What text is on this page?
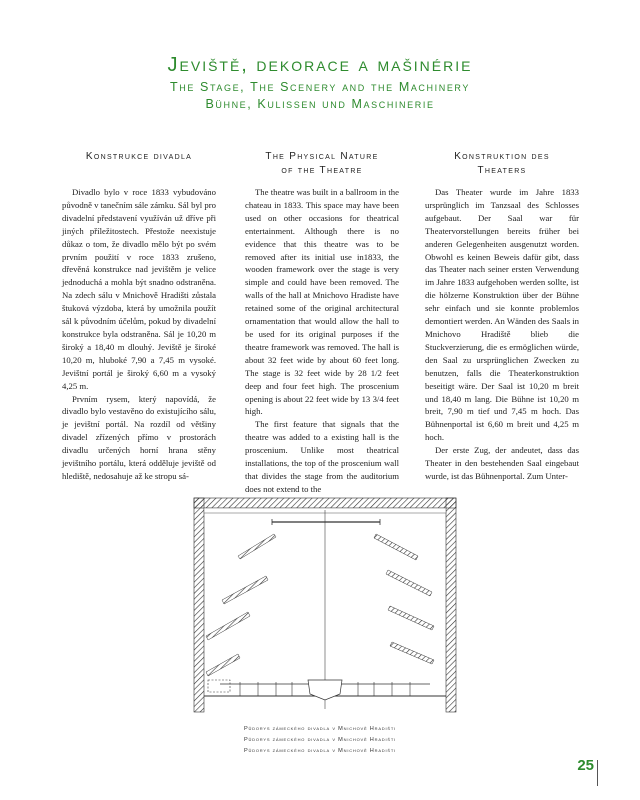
Jeviště, dekorace a mašinérie
The Stage, The Scenery and the Machinery
Bühne, Kulissen und Maschinerie
Konstrukce divadla

Divadlo bylo v roce 1833 vybudováno původně v tanečním sále zámku. Sál byl pro divadelní představení využíván už dříve při jiných příležitostech. Přestože neexistuje důkaz o tom, že divadlo mělo být po svém prvním použití v roce 1833 zrušeno, dřevěná konstrukce nad jevištěm je velice jednoduchá a mohla být snadno odstraněna. Na zdech sálu v Mnichově Hradišti zůstala štuková výzdoba, která by umožnila použít sál k původním účelům, pokud by divadelní konstrukce byla odstraněna. Sál je 10,20 m široký a 18,40 m dlouhý. Jeviště je široké 10,20 m, hluboké 7,90 a 7,45 m vysoké. Jevištní portál je široký 6,60 m a vysoký 4,25 m.

Prvním rysem, který napovídá, že divadlo bylo vestavěno do existujícího sálu, je jevištní portál. Na rozdíl od většiny divadel zřízených přímo v prostorách divadlu určených horní hrana stěny jevištního portálu, která odděluje jeviště od hlediště, nedosahuje až ke stropu sá-

The Physical Nature
of the Theatre

The theatre was built in a ballroom in the chateau in 1833. This space may have been used on other occasions for theatrical entertainment. Although there is no evidence that this theatre was to be removed after its initial use in1833, the wooden framework over the stage is very simple and could have been removed. The walls of the hall at Mnichovo Hradiste have retained some of the original architectural ornamentation that would allow the hall to be used for its original purposes if the theatre framework was removed. The hall is about 32 feet wide by about 60 feet long. The stage is 32 feet wide by 28 1/2 feet deep and four feet high. The proscenium opening is about 22 feet wide by 13 3/4 feet high.

The first feature that signals that the theatre was added to a existing hall is the proscenium. Unlike most theatrical installations, the top of the proscenium wall that divides the stage from the auditorium does not extend to the

Konstruktion des
Theaters

Das Theater wurde im Jahre 1833 ursprünglich im Tanzsaal des Schlosses aufgebaut. Der Saal war für Theatervorstellungen bereits früher bei anderen Gelegenheiten ausgenutzt worden. Obwohl es keinen Beweis dafür gibt, dass das Theater nach seiner ersten Verwendung im Jahre 1833 aufgehoben werden sollte, ist die hölzerne Konstruktion über der Bühne sehr einfach und sie konnte problemlos demontiert werden. An Wänden des Saals in Mnichovo Hradiště blieb die Stuckverzierung, die es ermöglichen würde, den Saal zu ursprünglichen Zwecken zu benutzen, falls die Theaterkonstruktion beseitigt wäre. Der Saal ist 10,20 m breit und 18,40 m lang. Die Bühne ist 10,20 m breit, 7,90 m tief und 7,45 m hoch. Das Bühnenportal ist 6,60 m breit und 4,25 m hoch.

Der erste Zug, der andeutet, dass das Theater in den bestehenden Saal eingebaut wurde, ist das Bühnenportal. Zum Unter-

Půdorys zámeckého divadla v Mnichově Hradišti
Půdorys zámeckého divadla v Mnichově Hradišti
Půdorys zámeckého divadla v Mnichově Hradišti
25
